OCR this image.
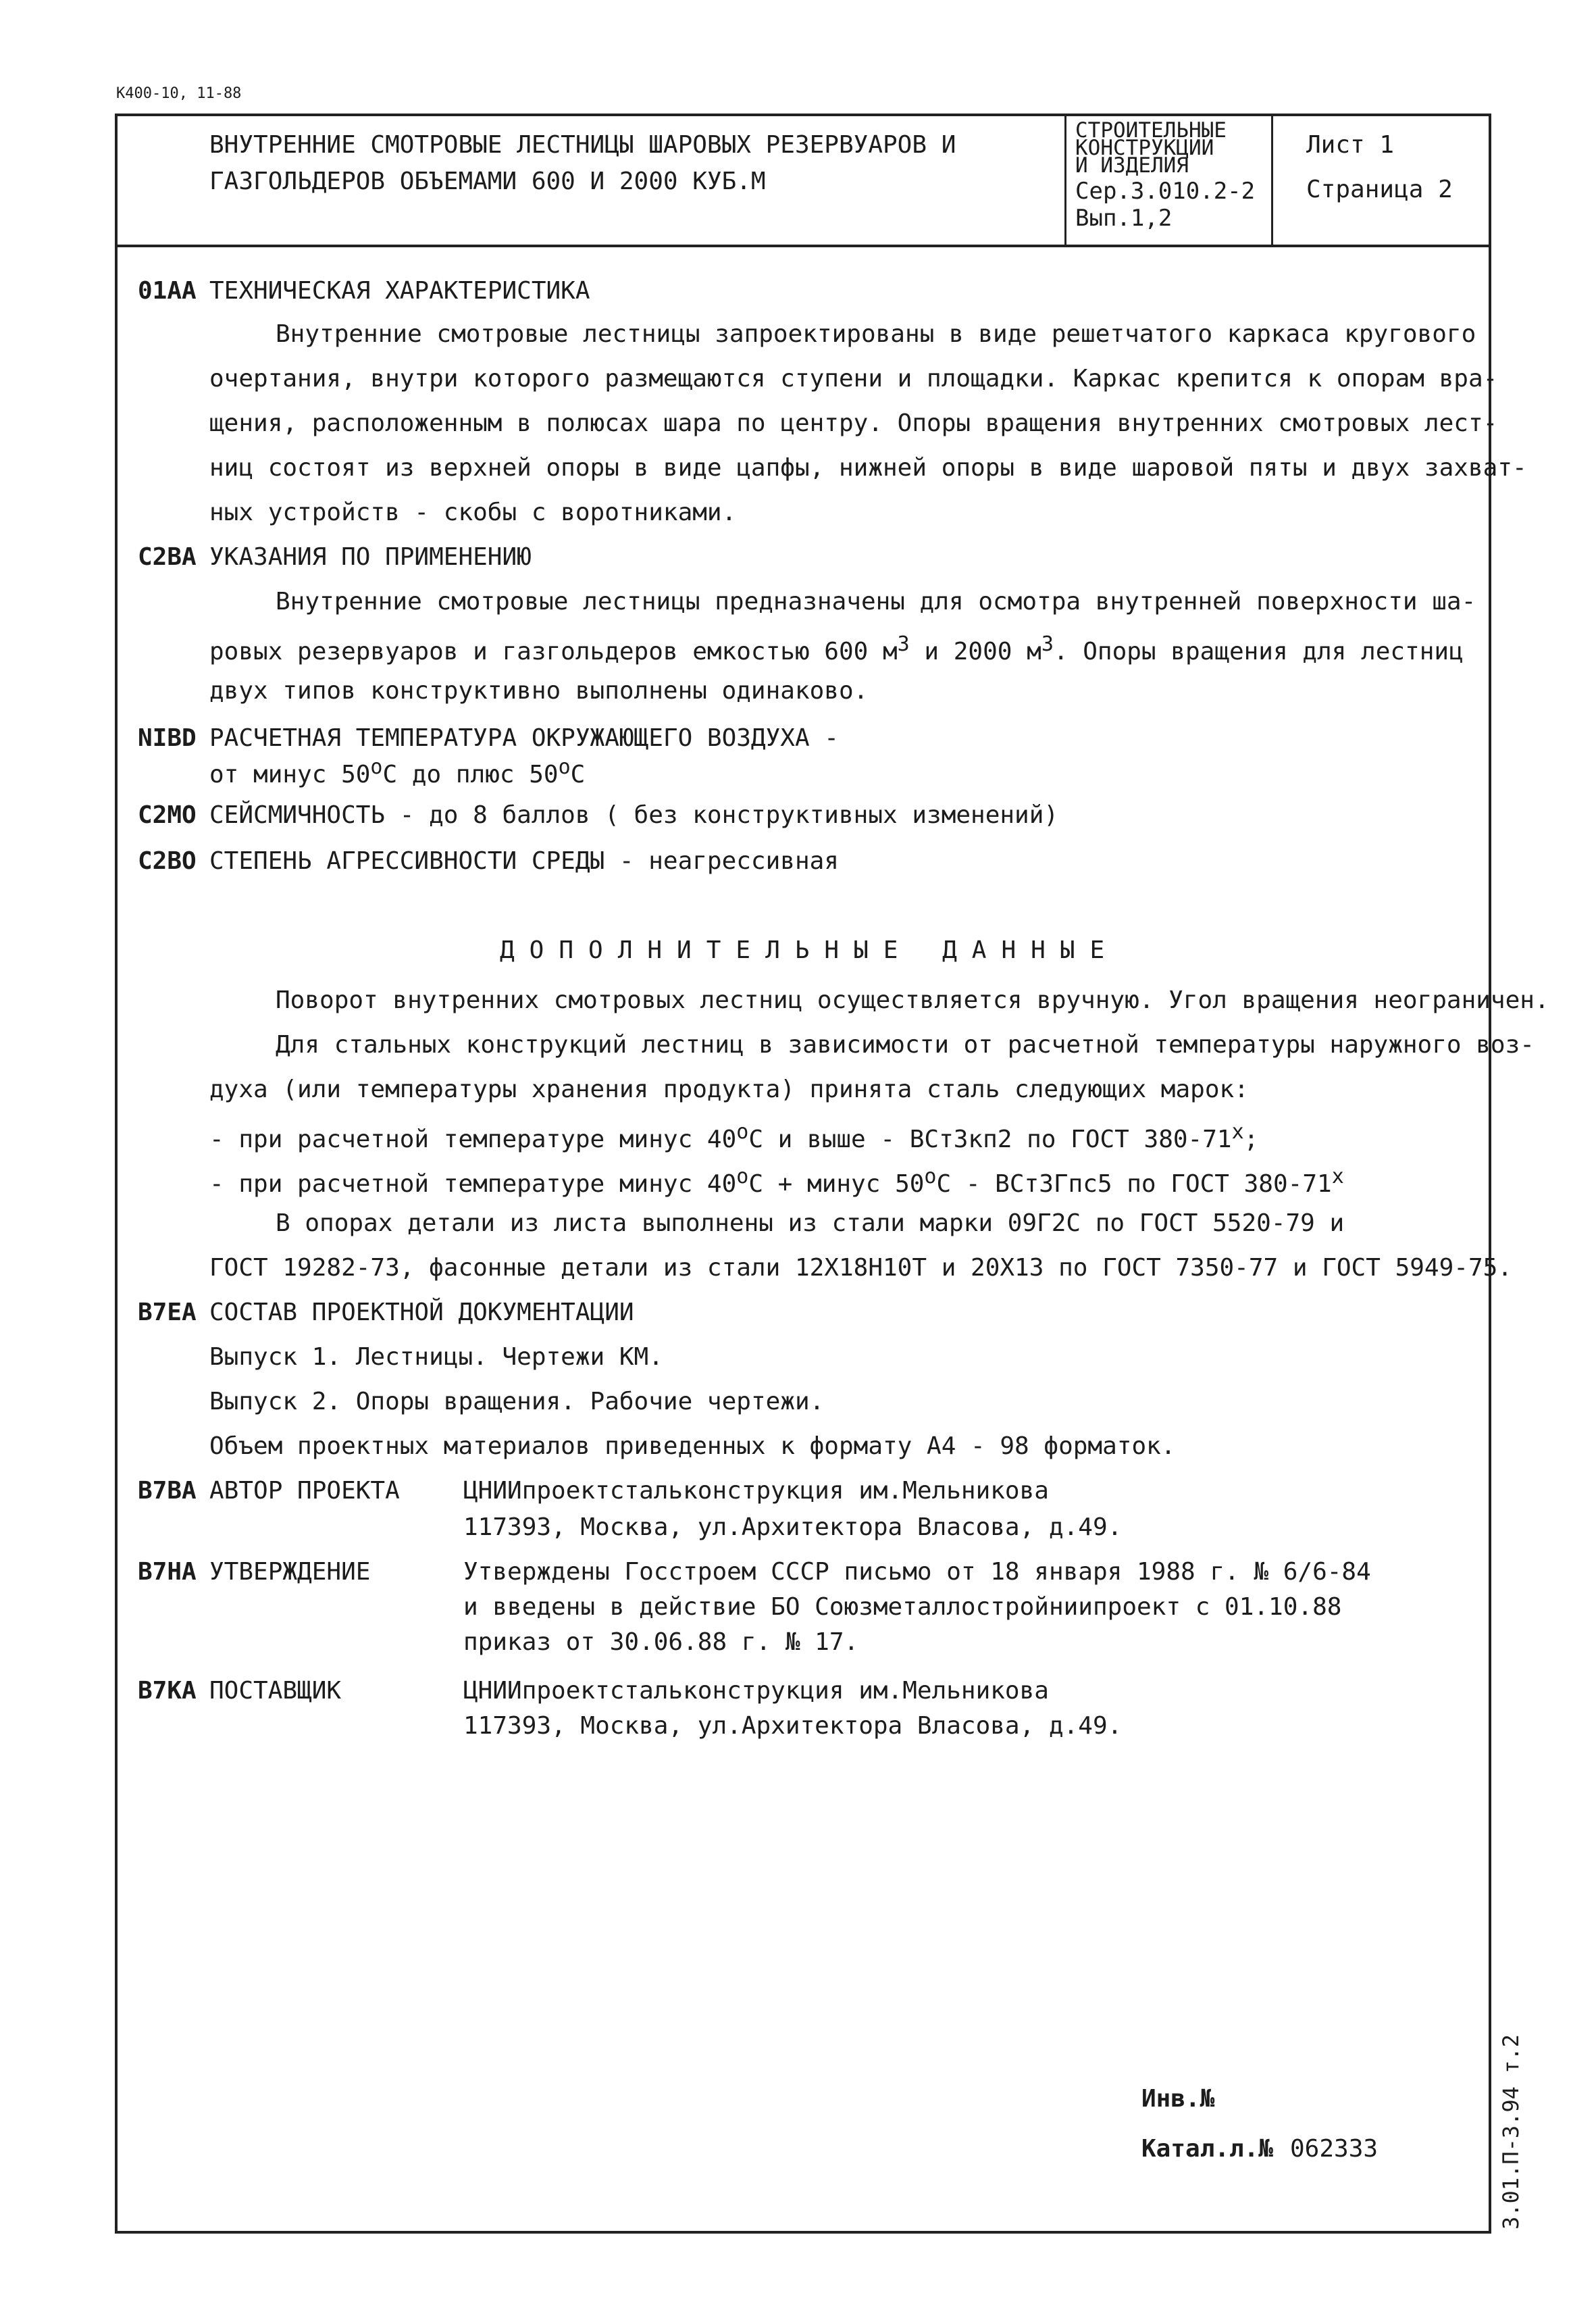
К400-10, 11-88
ВНУТРЕННИЕ СМОТРОВЫЕ ЛЕСТНИЦЫ ШАРОВЫХ РЕЗЕРВУАРОВ И
ГАЗГОЛЬДЕРОВ ОБЪЕМАМИ 600 И 2000 КУБ.М
СТРОИТЕЛЬНЫЕ
КОНСТРУКЦИИ
И ИЗДЕЛИЯ
Сер.3.010.2-2
Вып.1,2
Лист 1
Страница 2
01АА ТЕХНИЧЕСКАЯ ХАРАКТЕРИСТИКА
Внутренние смотровые лестницы запроектированы в виде решетчатого каркаса кругового
очертания, внутри которого размещаются ступени и площадки. Каркас крепится к опорам вра-
щения, расположенным в полюсах шара по центру. Опоры вращения внутренних смотровых лест-
ниц состоят из верхней опоры в виде цапфы, нижней опоры в виде шаровой пяты и двух захват-
ных устройств - скобы с воротниками.
С2ВА УКАЗАНИЯ ПО ПРИМЕНЕНИЮ
Внутренние смотровые лестницы предназначены для осмотра внутренней поверхности ша-
ровых резервуаров и газгольдеров емкостью 600 $м^3$ и 2000 $м^3$. Опоры вращения для лестниц
двух типов конструктивно выполнены одинаково.
NIBD РАСЧЕТНАЯ ТЕМПЕРАТУРА ОКРУЖАЮЩЕГО ВОЗДУХА -
от минус $50^оС$ до плюс $50^оС$
С2МО СЕЙСМИЧНОСТЬ - до 8 баллов ( без конструктивных изменений)
С2ВО СТЕПЕНЬ АГРЕССИВНОСТИ СРЕДЫ - неагрессивная
ДОПОЛНИТЕЛЬНЫЕ ДАННЫЕ
Поворот внутренних смотровых лестниц осуществляется вручную. Угол вращения неограничен.
Для стальных конструкций лестниц в зависимости от расчетной температуры наружного воз-
духа (или температуры хранения продукта) принята сталь следующих марок:
- при расчетной температуре минус $40^оС$ и выше - ВСт3кп2 по ГОСТ $380-71^х$;
- при расчетной температуре минус $40^оС$ + минус $50^оС - ВСт3Гпс5$ по ГОСТ $380-71^х$
В опорах детали из листа выполнены из стали марки 09Г2С по ГОСТ 5520-79 и
ГОСТ 19282-73, фасонные детали из стали 12Х18Н10Т и 20Х13 по ГОСТ 7350-77 и ГОСТ 5949-75.
В7ЕА СОСТАВ ПРОЕКТНОЙ ДОКУМЕНТАЦИИ
Выпуск 1. Лестницы. Чертежи КМ.
Выпуск 2. Опоры вращения. Рабочие чертежи.
Объем проектных материалов приведенных к формату А4 - 98 форматок.
В7ВА АВТОР ПРОЕКТА	ЦНИИпроектстальконструкция им.Мельникова
117393, Москва, ул.Архитектора Власова, д.49.
В7НА УТВЕРЖДЕНИЕ	Утверждены Госстроем СССР письмо от 18 января 1988 г. № 6/6-84
и введены в действие БО Союзметаллостройниипроект с 01.10.88
приказ от 30.06.88 г. № 17.
В7КА ПОСТАВЩИК	ЦНИИпроектстальконструкция им.Мельникова
117393, Москва, ул.Архитектора Власова, д.49.
Инв.№
Катал.л.№ 062333	3.01.П-3.94 т.2
